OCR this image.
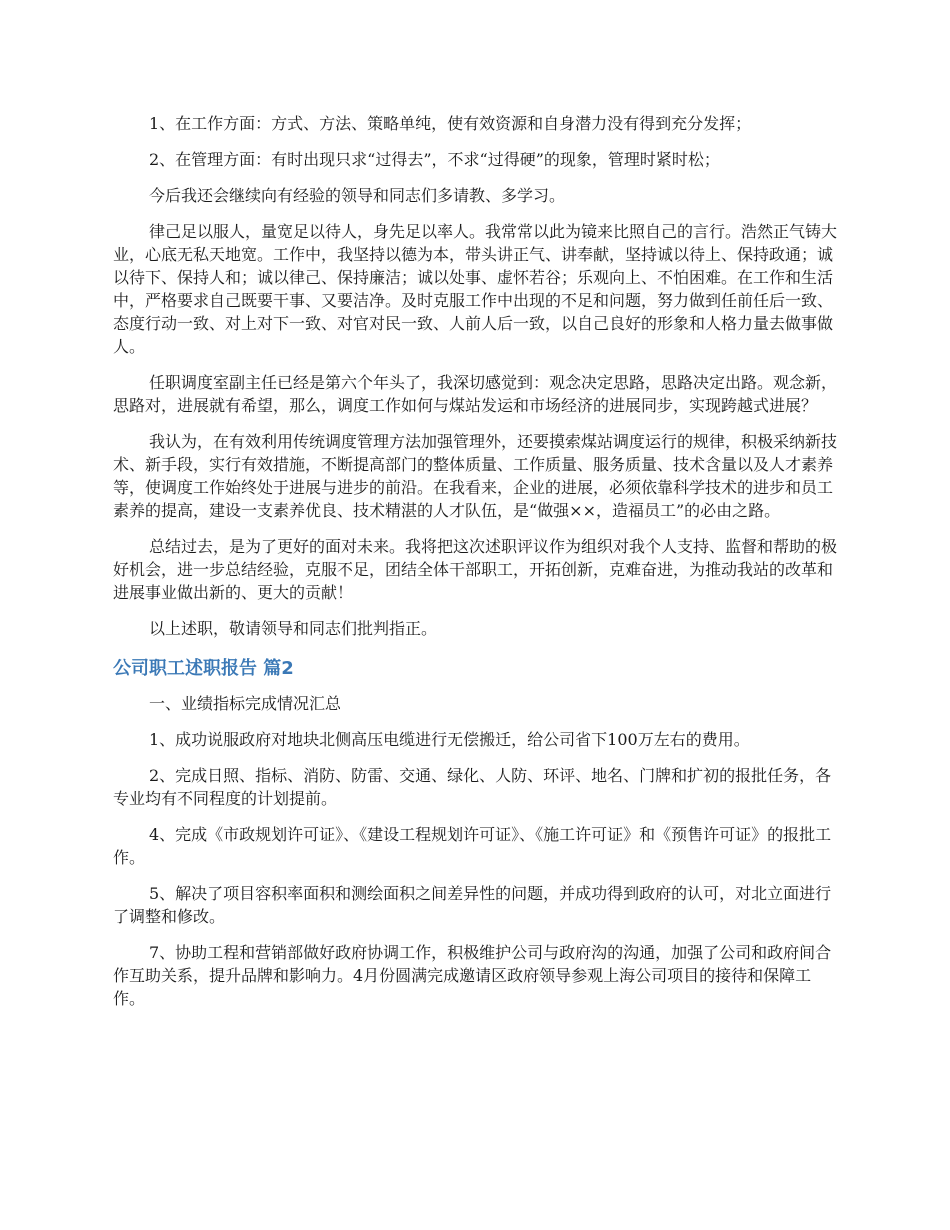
1、在工作方面：方式、方法、策略单纯，使有效资源和自身潜力没有得到充分发挥；

2、在管理方面：有时出现只求“过得去”，不求“过得硬”的现象，管理时紧时松；

今后我还会继续向有经验的领导和同志们多请教、多学习。

律己足以服人，量宽足以待人，身先足以率人。我常常以此为镜来比照自己的言行。浩然正气铸大业，心底无私天地宽。工作中，我坚持以德为本，带头讲正气、讲奉献，坚持诚以待上、保持政通；诚以待下、保持人和；诚以律己、保持廉洁；诚以处事、虚怀若谷；乐观向上、不怕困难。在工作和生活中，严格要求自己既要干事、又要洁净。及时克服工作中出现的不足和问题，努力做到任前任后一致、态度行动一致、对上对下一致、对官对民一致、人前人后一致，以自己良好的形象和人格力量去做事做人。

任职调度室副主任已经是第六个年头了，我深切感觉到：观念决定思路，思路决定出路。观念新，思路对，进展就有希望，那么，调度工作如何与煤站发运和市场经济的进展同步，实现跨越式进展？

我认为，在有效利用传统调度管理方法加强管理外，还要摸索煤站调度运行的规律，积极采纳新技术、新手段，实行有效措施，不断提高部门的整体质量、工作质量、服务质量、技术含量以及人才素养等，使调度工作始终处于进展与进步的前沿。在我看来，企业的进展，必须依靠科学技术的进步和员工素养的提高，建设一支素养优良、技术精湛的人才队伍，是“做强××，造福员工”的必由之路。

总结过去，是为了更好的面对未来。我将把这次述职评议作为组织对我个人支持、监督和帮助的极好机会，进一步总结经验，克服不足，团结全体干部职工，开拓创新，克难奋进，为推动我站的改革和进展事业做出新的、更大的贡献！

以上述职，敬请领导和同志们批判指正。

公司职工述职报告 篇2

一、业绩指标完成情况汇总

1、成功说服政府对地块北侧高压电缆进行无偿搬迁，给公司省下100万左右的费用。

2、完成日照、指标、消防、防雷、交通、绿化、人防、环评、地名、门牌和扩初的报批任务，各专业均有不同程度的计划提前。

4、完成《市政规划许可证》、《建设工程规划许可证》、《施工许可证》和《预售许可证》的报批工作。

5、解决了项目容积率面积和测绘面积之间差异性的问题，并成功得到政府的认可，对北立面进行了调整和修改。

7、协助工程和营销部做好政府协调工作，积极维护公司与政府沟的沟通，加强了公司和政府间合作互助关系，提升品牌和影响力。4月份圆满完成邀请区政府领导参观上海公司项目的接待和保障工作。
